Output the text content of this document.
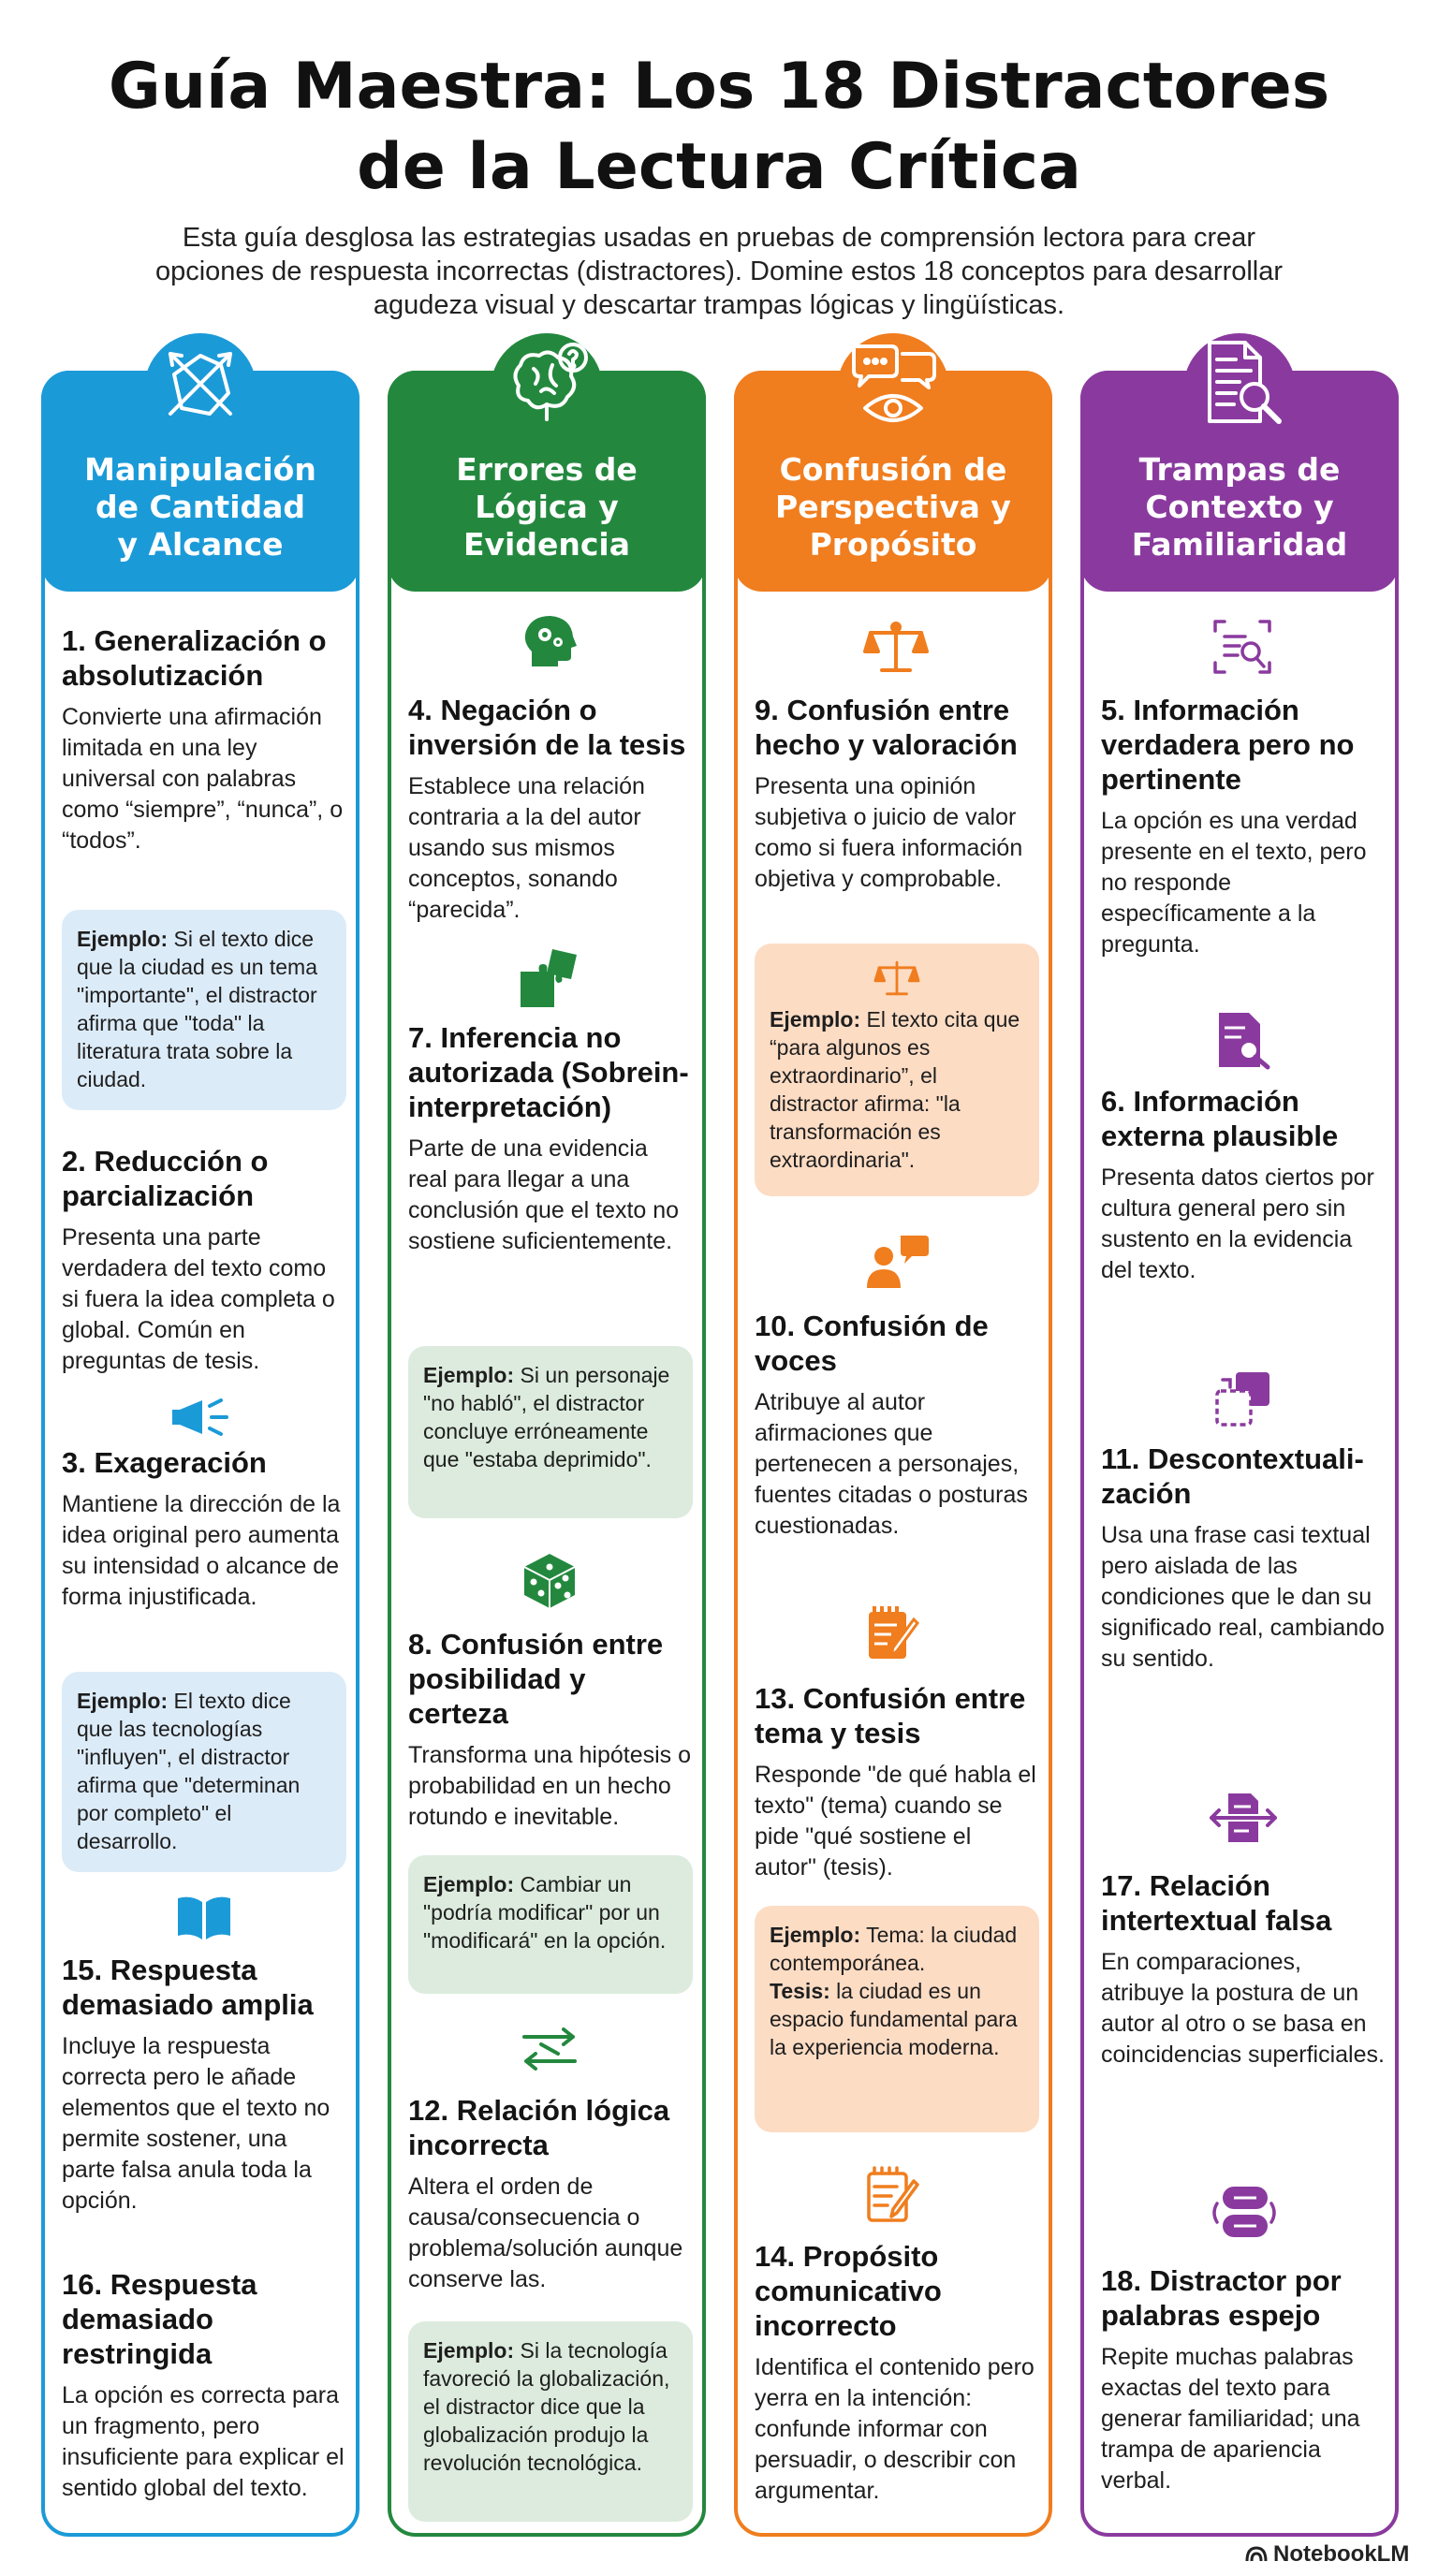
Guía Maestra: Los 18 Distractores
de la Lectura Crítica
Esta guía desglosa las estrategias usadas en pruebas de comprensión lectora para crear opciones de respuesta incorrectas (distractores). Domine estos 18 conceptos para desarrollar agudeza visual y descartar trampas lógicas y lingüísticas.
Manipulación
de Cantidad
y Alcance
1. Generalización o absolutización

Convierte una afirmación limitada en una ley universal con palabras como “siempre”, “nunca”, o “todos”.

Ejemplo: Si el texto dice que la ciudad es un tema "importante", el distractor afirma que "toda" la literatura trata sobre la ciudad.
2. Reducción o parcialización

Presenta una parte verdadera del texto como si fuera la idea completa o global. Común en preguntas de tesis.

3. Exageración

Mantiene la dirección de la idea original pero aumenta su intensidad o alcance de forma injustificada.

Ejemplo: El texto dice que las tecnologías "influyen", el distractor afirma que "determinan por completo" el desarrollo.
15. Respuesta demasiado amplia

Incluye la respuesta correcta pero le añade elementos que el texto no permite sostener, una parte falsa anula toda la opción.

16. Respuesta demasiado restringida

La opción es correcta para un fragmento, pero insuficiente para explicar el sentido global del texto.

Errores de
Lógica y
Evidencia
4. Negación o inversión de la tesis

Establece una relación contraria a la del autor usando sus mismos conceptos, sonando “parecida”.

7. Inferencia no autorizada (Sobrein-interpretación)

Parte de una evidencia real para llegar a una conclusión que el texto no sostiene suficientemente.

Ejemplo: Si un personaje "no habló", el distractor concluye erróneamente que "estaba deprimido".
8. Confusión entre posibilidad y certeza

Transforma una hipótesis o probabilidad en un hecho rotundo e inevitable.

Ejemplo: Cambiar un "podría modificar" por un "modificará" en la opción.
12. Relación lógica incorrecta

Altera el orden de causa/consecuencia o problema/solución aunque conserve las.

Ejemplo: Si la tecnología favoreció la globalización, el distractor dice que la globalización produjo la revolución tecnológica.
Confusión de
Perspectiva y
Propósito
9. Confusión entre hecho y valoración

Presenta una opinión subjetiva o juicio de valor como si fuera información objetiva y comprobable.

Ejemplo: El texto cita que “para algunos es extraordinario”, el distractor afirma: "la transformación es extraordinaria".
10. Confusión de voces

Atribuye al autor afirmaciones que pertenecen a personajes, fuentes citadas o posturas cuestionadas.

13. Confusión entre tema y tesis

Responde "de qué habla el texto" (tema) cuando se pide "qué sostiene el autor" (tesis).

Ejemplo: Tema: la ciudad contemporánea.
Tesis: la ciudad es un espacio fundamental para la experiencia moderna.
14. Propósito comunicativo incorrecto

Identifica el contenido pero yerra en la intención: confunde informar con persuadir, o describir con argumentar.

Trampas de
Contexto y
Familiaridad
5. Información verdadera pero no pertinente

La opción es una verdad presente en el texto, pero no responde específicamente a la pregunta.

6. Información externa plausible

Presenta datos ciertos por cultura general pero sin sustento en la evidencia del texto.

11. Descontextuali-zación

Usa una frase casi textual pero aislada de las condiciones que le dan su significado real, cambiando su sentido.

17. Relación intertextual falsa

En comparaciones, atribuye la postura de un autor al otro o se basa en coincidencias superficiales.

18. Distractor por palabras espejo

Repite muchas palabras exactas del texto para generar familiaridad; una trampa de apariencia verbal.

NotebookLM
